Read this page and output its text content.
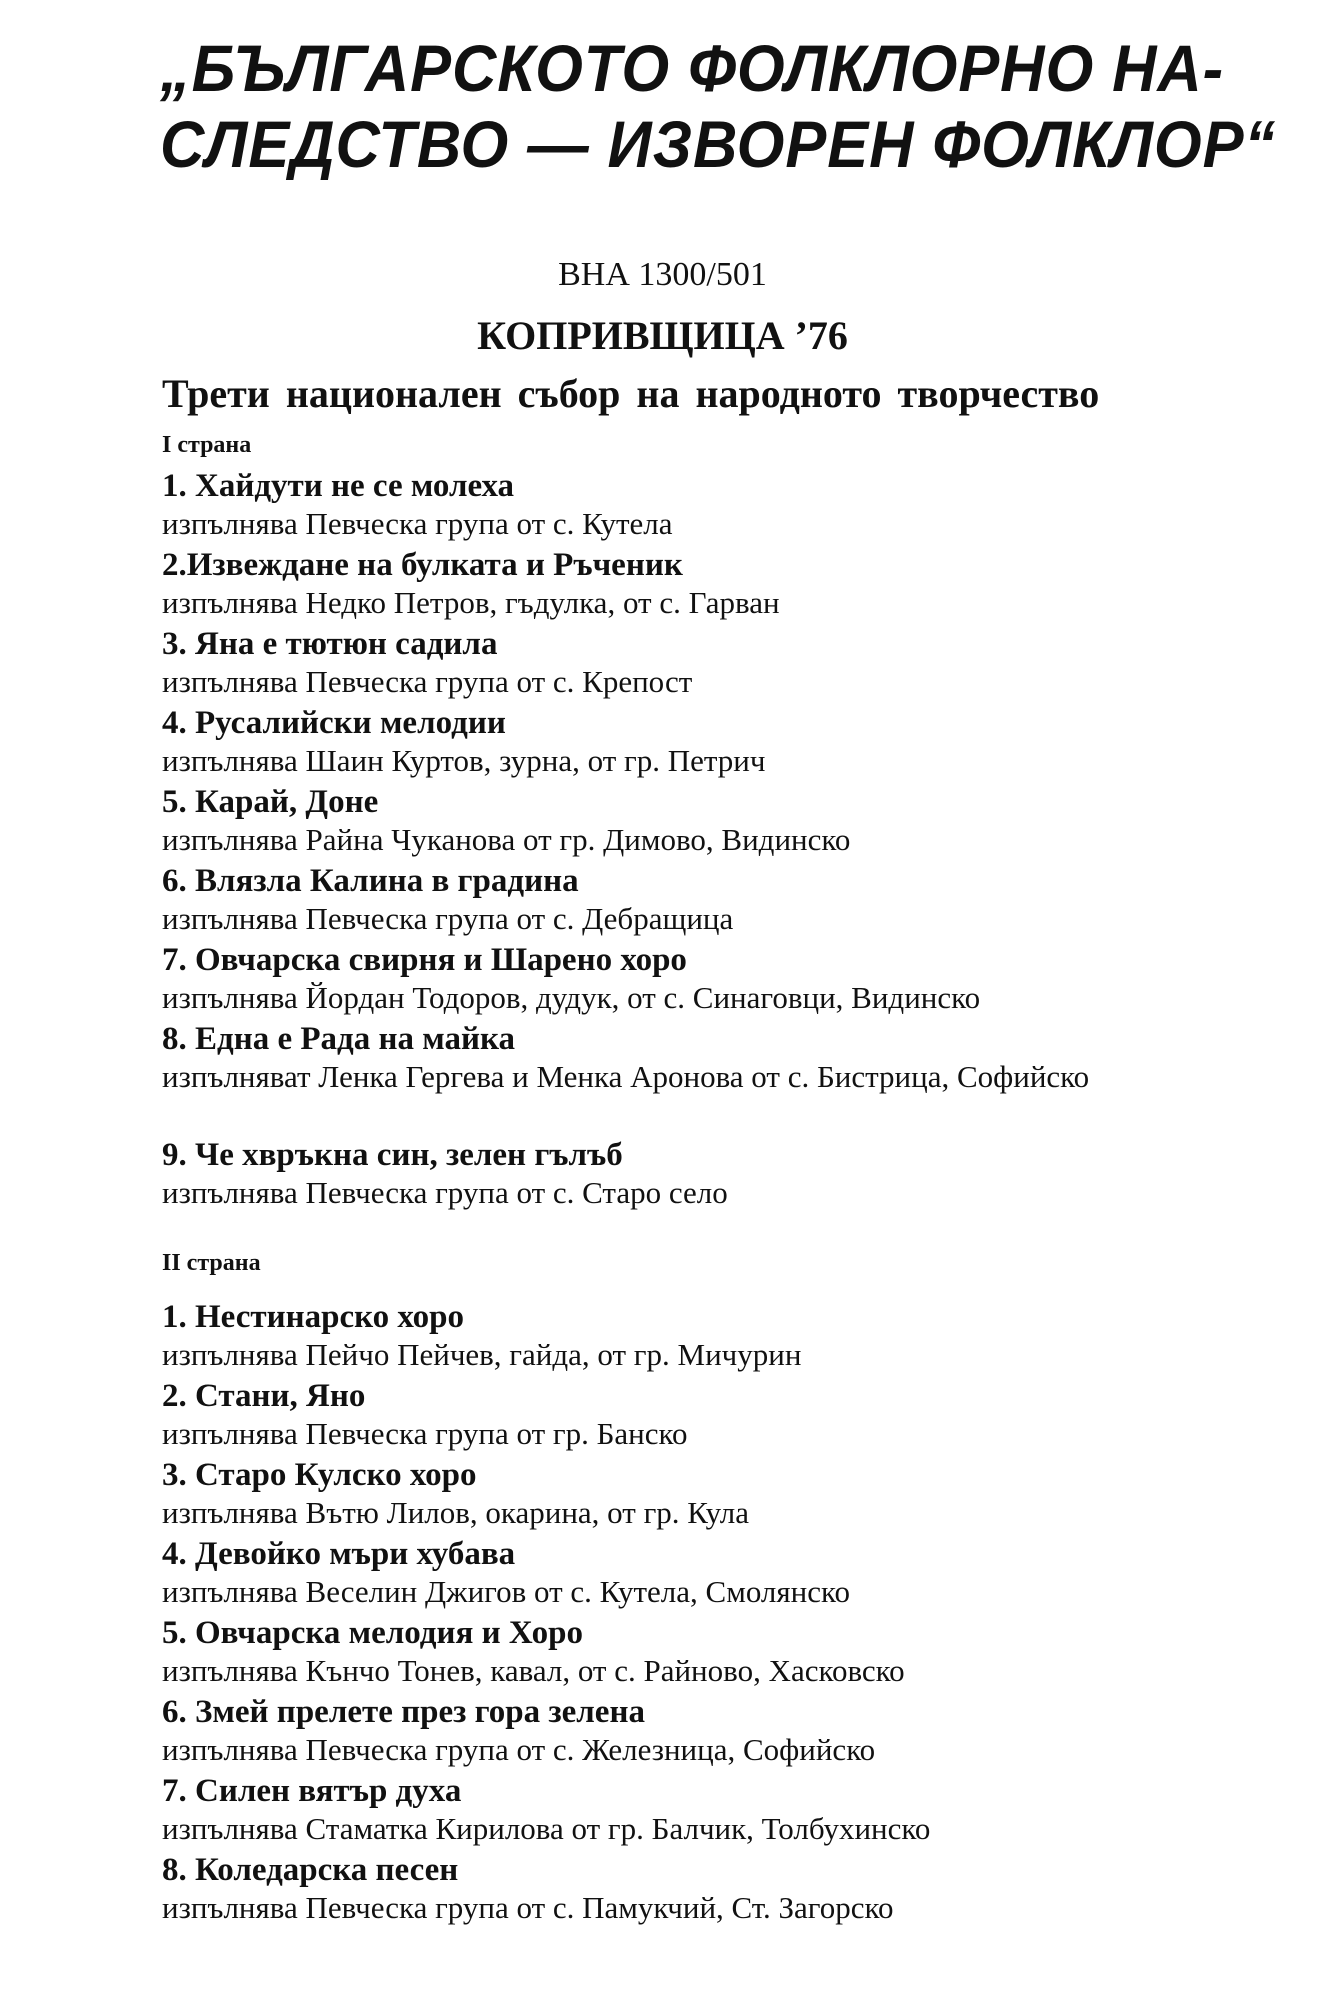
„БЪЛГАРСКОТО ФОЛКЛОРНО НА-
СЛЕДСТВО — ИЗВОРЕН ФОЛКЛОР“
ВНА 1300/501
КОПРИВЩИЦА ’76
Трети национален събор на народното творчество
I страна
1. Хайдути не се молеха
изпълнява Певческа група от с. Кутела
2.Извеждане на булката и Ръченик
изпълнява Недко Петров, гъдулка, от с. Гарван
3. Яна е тютюн садила
изпълнява Певческа група от с. Крепост
4. Русалийски мелодии
изпълнява Шаин Куртов, зурна, от гр. Петрич
5. Карай, Доне
изпълнява Райна Чуканова от гр. Димово, Видинско
6. Влязла Калина в градина
изпълнява Певческа група от с. Дебращица
7. Овчарска свирня и Шарено хоро
изпълнява Йордан Тодоров, дудук, от с. Синаговци, Видинско
8. Една е Рада на майка
изпълняват Ленка Гергева и Менка Аронова от с. Бистрица, Софийско
9. Че хвръкна син, зелен гълъб
изпълнява Певческа група от с. Старо село
II страна
1. Нестинарско хоро
изпълнява Пейчо Пейчев, гайда, от гр. Мичурин
2. Стани, Яно
изпълнява Певческа група от гр. Банско
3. Старо Кулско хоро
изпълнява Вътю Лилов, окарина, от гр. Кула
4. Девойко мъри хубава
изпълнява Веселин Джигов от с. Кутела, Смолянско
5. Овчарска мелодия и Хоро
изпълнява Кънчо Тонев, кавал, от с. Райново, Хасковско
6. Змей прелете през гора зелена
изпълнява Певческа група от с. Железница, Софийско
7. Силен вятър духа
изпълнява Стаматка Кирилова от гр. Балчик, Толбухинско
8. Коледарска песен
изпълнява Певческа група от с. Памукчий, Ст. Загорско
